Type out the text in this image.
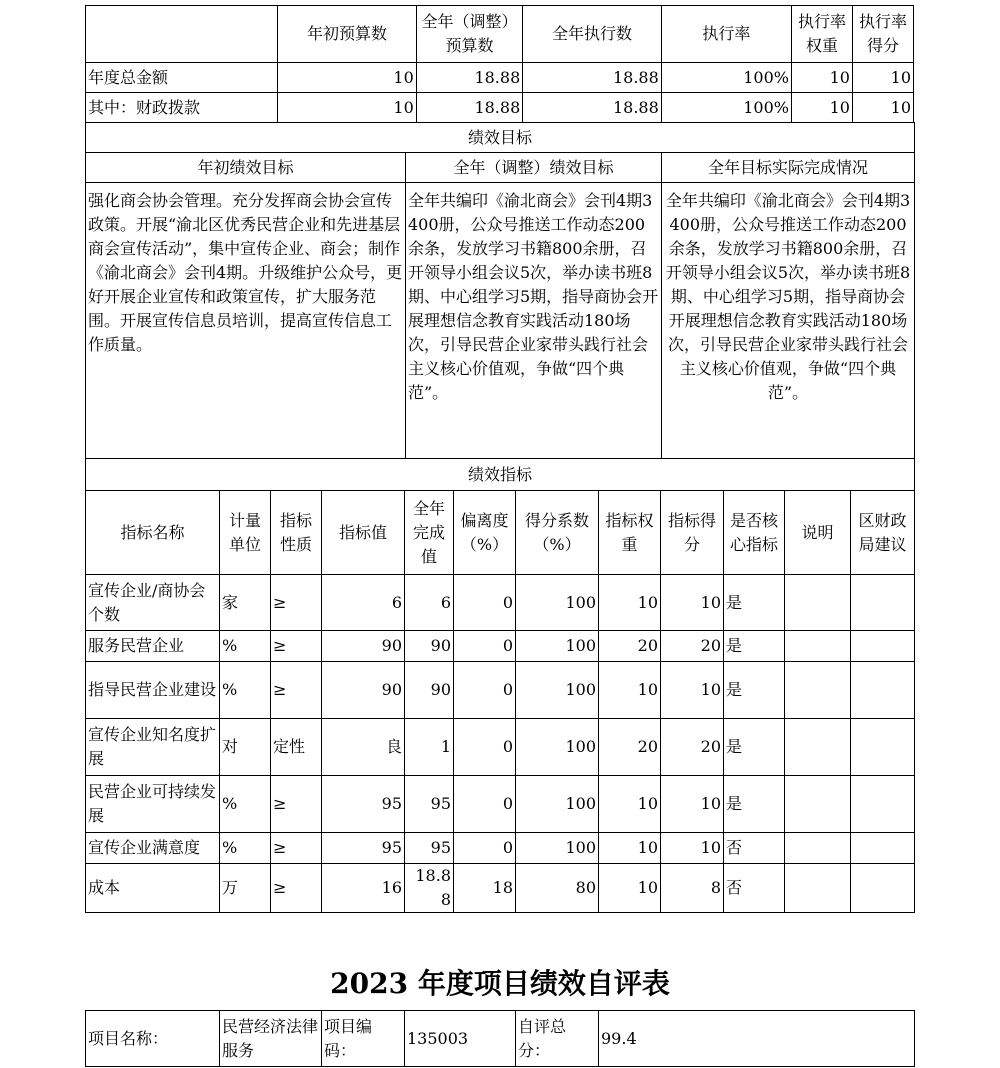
	年初预算数	全年（调整）预算数	全年执行数	执行率	执行率权重	执行率得分
年度总金额	10	18.88	18.88	100%	10	10
其中：财政拨款	10	18.88	18.88	100%	10	10
绩效目标		
年初绩效目标	全年（调整）绩效目标	全年目标实际完成情况
强化商会协会管理。充分发挥商会协会宣传政策。开展“渝北区优秀民营企业和先进基层商会宣传活动”，集中宣传企业、商会；制作《渝北商会》会刊4期。升级维护公众号，更好开展企业宣传和政策宣传，扩大服务范围。开展宣传信息员培训，提高宣传信息工作质量。	全年共编印《渝北商会》会刊4期3400册，公众号推送工作动态200余条，发放学习书籍800余册，召开领导小组会议5次，举办读书班8期、中心组学习5期，指导商协会开展理想信念教育实践活动180场次，引导民营企业家带头践行社会主义核心价值观，争做“四个典范”。	全年共编印《渝北商会》会刊4期3400册，公众号推送工作动态200余条，发放学习书籍800余册，召开领导小组会议5次，举办读书班8期、中心组学习5期，指导商协会开展理想信念教育实践活动180场次，引导民营企业家带头践行社会主义核心价值观，争做“四个典范”。
绩效指标											
指标名称	计量单位	指标性质	指标值	全年完成值	偏离度（%）	得分系数（%）	指标权重	指标得分	是否核心指标	说明	区财政局建议
宣传企业/商协会个数	家	≥	6	6	0	100	10	10	是		
服务民营企业	%	≥	90	90	0	100	20	20	是		
指导民营企业建设	%	≥	90	90	0	100	10	10	是		
宣传企业知名度扩展	对	定性	良	1	0	100	20	20	是		
民营企业可持续发展	%	≥	95	95	0	100	10	10	是		
宣传企业满意度	%	≥	95	95	0	100	10	10	否		
成本	万	≥	16	18.88	18	80	10	8	否		
2023 年度项目绩效自评表
项目名称：	民营经济法律服务	项目编码：	135003	自评总分：	99.4
